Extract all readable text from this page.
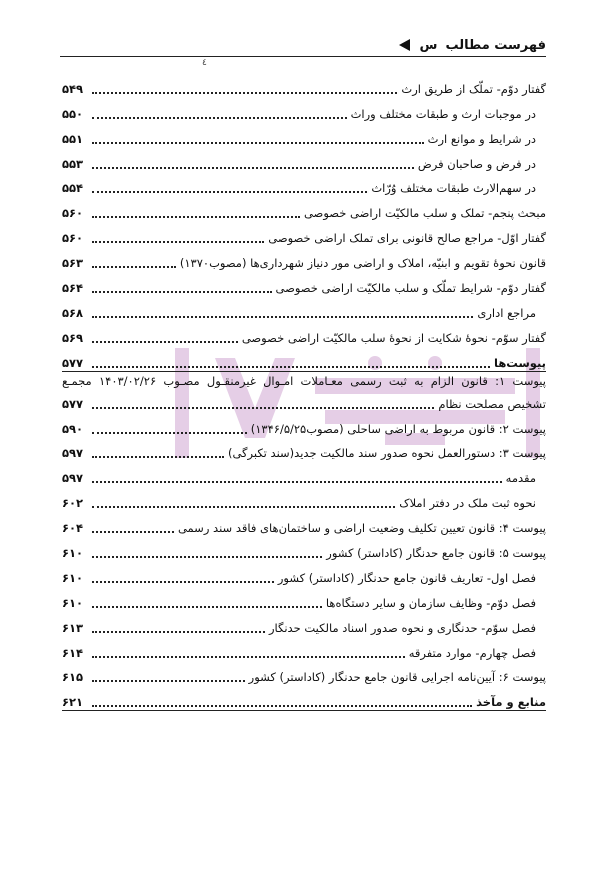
فهرست مطالب
س
٤
گفتار دوّم- تملّک از طریق ارث
۵۴۹
در موجبات ارث و طبقات مختلف وراث
۵۵۰
در شرایط و موانع ارث
۵۵۱
در فرض و صاحبان فرض
۵۵۳
در سهم‌الارث طبقات مختلف وُرّاث
۵۵۴
مبحث پنجم- تملک و سلب مالکیّت اراضی خصوصی
۵۶۰
گفتار اوّل- مراجع صالح قانونی برای تملک اراضی خصوصی
۵۶۰
قانون نحوۀ تقویم و ابنیّه، املاک و اراضی مور دنیاز شهرداری‌ها (مصوب۱۳۷۰)
۵۶۳
گفتار دوّم- شرایط تملّک و سلب مالکیّت اراضی خصوصی
۵۶۴
مراجع اداری
۵۶۸
گفتار سوّم- نحوۀ شکایت از نحوۀ سلب مالکیّت اراضی خصوصی
۵۶۹
پیوست‌ها
۵۷۷
پیوست ۱: قانون الزام به ثبت رسمی معـاملات امـوال غیرمنقـول مصـوب ۱۴۰۳/۰۲/۲۶ مجمـع
تشخیص مصلحت نظام
۵۷۷
پیوست ۲: قانون مربوط به اراضی ساحلی (مصوب۱۳۴۶/۵/۲۵)
۵۹۰
پیوست ۳: دستورالعمل نحوه صدور سند مالکیت جدید(سند تکبرگی)
۵۹۷
مقدمه
۵۹۷
نحوه ثبت ملک در دفتر املاک
۶۰۲
پیوست ۴: قانون تعیین تکلیف وضعیت اراضی و ساختمان‌های فاقد سند رسمی
۶۰۴
پیوست ۵: قانون جامع حدنگار (کاداستر) کشور
۶۱۰
فصل اول- تعاریف قانون جامع حدنگار (کاداستر) کشور
۶۱۰
فصل دوّم- وظایف سازمان و سایر دستگاه‌ها
۶۱۰
فصل سوّم- حدنگاری و نحوه صدور اسناد مالکیت حدنگار
۶۱۳
فصل چهارم- موارد متفرقه
۶۱۴
پیوست ۶: آیین‌نامه اجرایی قانون جامع حدنگار (کاداستر) کشور
۶۱۵
منابع و مآخذ
۶۲۱
